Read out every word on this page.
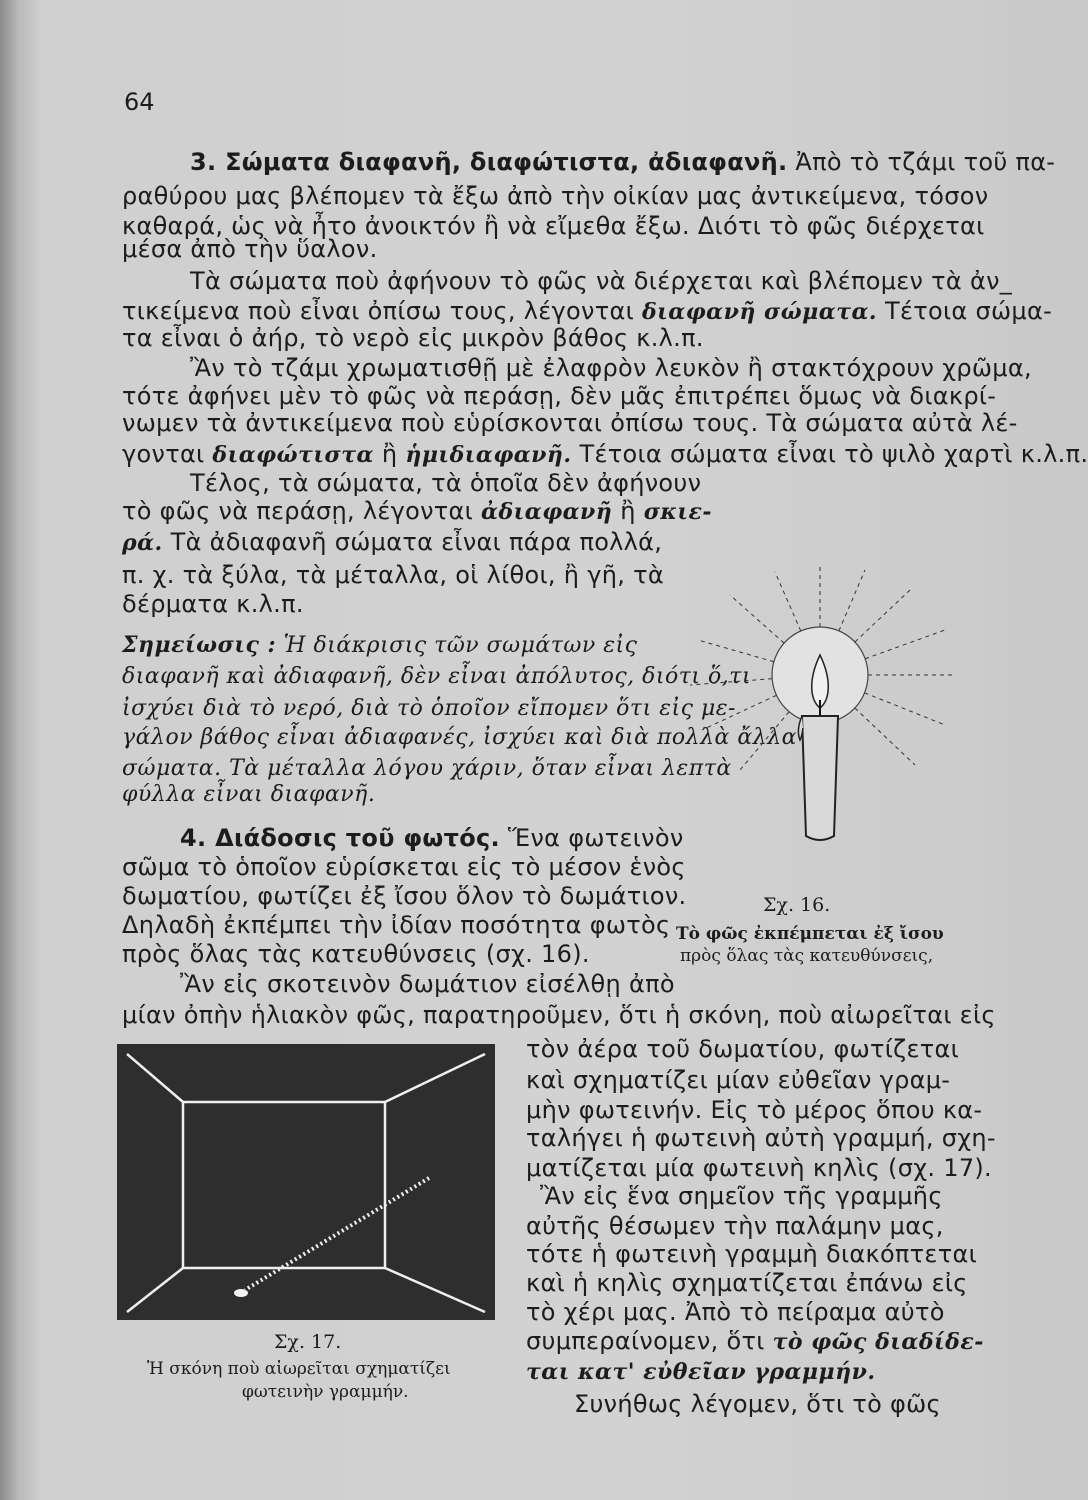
64
3. Σώματα διαφανῆ, διαφώτιστα, ἀδιαφανῆ. Ἀπὸ τὸ τζάμι τοῦ πα-
ραθύρου μας βλέπομεν τὰ ἔξω ἀπὸ τὴν οἰκίαν μας ἀντικείμενα, τόσον
καθαρά, ὡς νὰ ἦτο ἀνοικτόν ἢ νὰ εἴμεθα ἔξω. Διότι τὸ φῶς διέρχεται
μέσα ἀπὸ τὴν ὕαλον.
Τὰ σώματα ποὺ ἀφήνουν τὸ φῶς νὰ διέρχεται καὶ βλέπομεν τὰ ἀν_
τικείμενα ποὺ εἶναι ὀπίσω τους, λέγονται διαφανῆ σώματα. Τέτοια σώμα-
τα εἶναι ὁ ἀήρ, τὸ νερὸ εἰς μικρὸν βάθος κ.λ.π.
Ἂν τὸ τζάμι χρωματισθῇ μὲ ἐλαφρὸν λευκὸν ἢ στακτόχρουν χρῶμα,
τότε ἀφήνει μὲν τὸ φῶς νὰ περάσῃ, δὲν μᾶς ἐπιτρέπει ὅμως νὰ διακρί-
νωμεν τὰ ἀντικείμενα ποὺ εὑρίσκονται ὀπίσω τους. Τὰ σώματα αὐτὰ λέ-
γονται διαφώτιστα ἢ ἡμιδιαφανῆ. Τέτοια σώματα εἶναι τὸ ψιλὸ χαρτὶ κ.λ.π.
Τέλος, τὰ σώματα, τὰ ὁποῖα δὲν ἀφήνουν
τὸ φῶς νὰ περάσῃ, λέγονται ἀδιαφανῆ ἢ σκιε-
ρά. Τὰ ἀδιαφανῆ σώματα εἶναι πάρα πολλά,
π. χ. τὰ ξύλα, τὰ μέταλλα, οἱ λίθοι, ἢ γῆ, τὰ
δέρματα κ.λ.π.
Σημείωσις : Ἡ διάκρισις τῶν σωμάτων εἰς
διαφανῆ καὶ ἀδιαφανῆ, δὲν εἶναι ἀπόλυτος, διότι ὅ,τι
ἰσχύει διὰ τὸ νερό, διὰ τὸ ὁποῖον εἴπομεν ὅτι εἰς με-
γάλον βάθος εἶναι ἀδιαφανές, ἰσχύει καὶ διὰ πολλὰ ἄλλα
σώματα. Τὰ μέταλλα λόγου χάριν, ὅταν εἶναι λεπτὰ
φύλλα εἶναι διαφανῆ.
4. Διάδοσις τοῦ φωτός. Ἕνα φωτεινὸν
σῶμα τὸ ὁποῖον εὑρίσκεται εἰς τὸ μέσον ἑνὸς
δωματίου, φωτίζει ἐξ ἴσου ὅλον τὸ δωμάτιον.
Δηλαδὴ ἐκπέμπει τὴν ἰδίαν ποσότητα φωτὸς
πρὸς ὅλας τὰς κατευθύνσεις (σχ. 16).
Ἂν εἰς σκοτεινὸν δωμάτιον εἰσέλθῃ ἀπὸ
μίαν ὀπὴν ἡλιακὸν φῶς, παρατηροῦμεν, ὅτι ἡ σκόνη, ποὺ αἰωρεῖται εἰς
τὸν ἀέρα τοῦ δωματίου, φωτίζεται
καὶ σχηματίζει μίαν εὐθεῖαν γραμ-
μὴν φωτεινήν. Εἰς τὸ μέρος ὅπου κα-
ταλήγει ἡ φωτεινὴ αὐτὴ γραμμή, σχη-
ματίζεται μία φωτεινὴ κηλὶς (σχ. 17).
Ἂν εἰς ἕνα σημεῖον τῆς γραμμῆς
αὐτῆς θέσωμεν τὴν παλάμην μας,
τότε ἡ φωτεινὴ γραμμὴ διακόπτεται
καὶ ἡ κηλὶς σχηματίζεται ἐπάνω εἰς
τὸ χέρι μας. Ἀπὸ τὸ πείραμα αὐτὸ
συμπεραίνομεν, ὅτι τὸ φῶς διαδίδε-
ται κατ' εὐθεῖαν γραμμήν.
Συνήθως λέγομεν, ὅτι τὸ φῶς
Σχ. 16.
Τὸ φῶς ἐκπέμπεται ἐξ ἴσου
πρὸς ὅλας τὰς κατευθύνσεις,
Σχ. 17.
Ἡ σκόνη ποὺ αἰωρεῖται σχηματίζει
φωτεινὴν γραμμήν.
